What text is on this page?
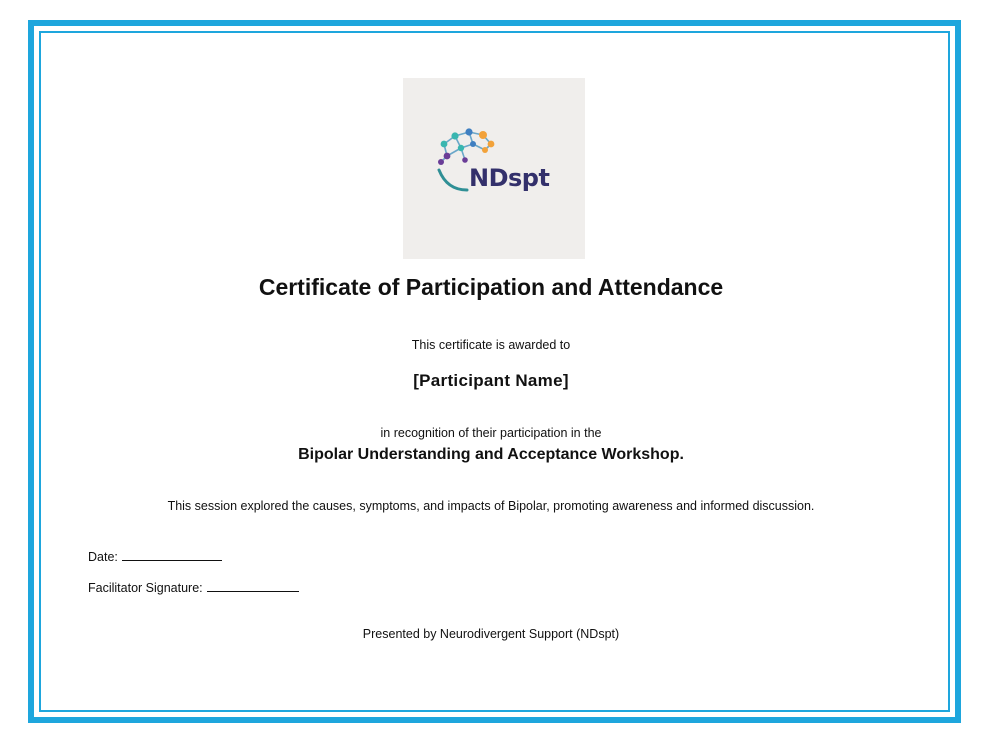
NDspt
Certificate of Participation and Attendance
This certificate is awarded to
[Participant Name]
in recognition of their participation in the
Bipolar Understanding and Acceptance Workshop.
This session explored the causes, symptoms, and impacts of Bipolar, promoting awareness and informed discussion.
Date:
Facilitator Signature:
Presented by Neurodivergent Support (NDspt)
